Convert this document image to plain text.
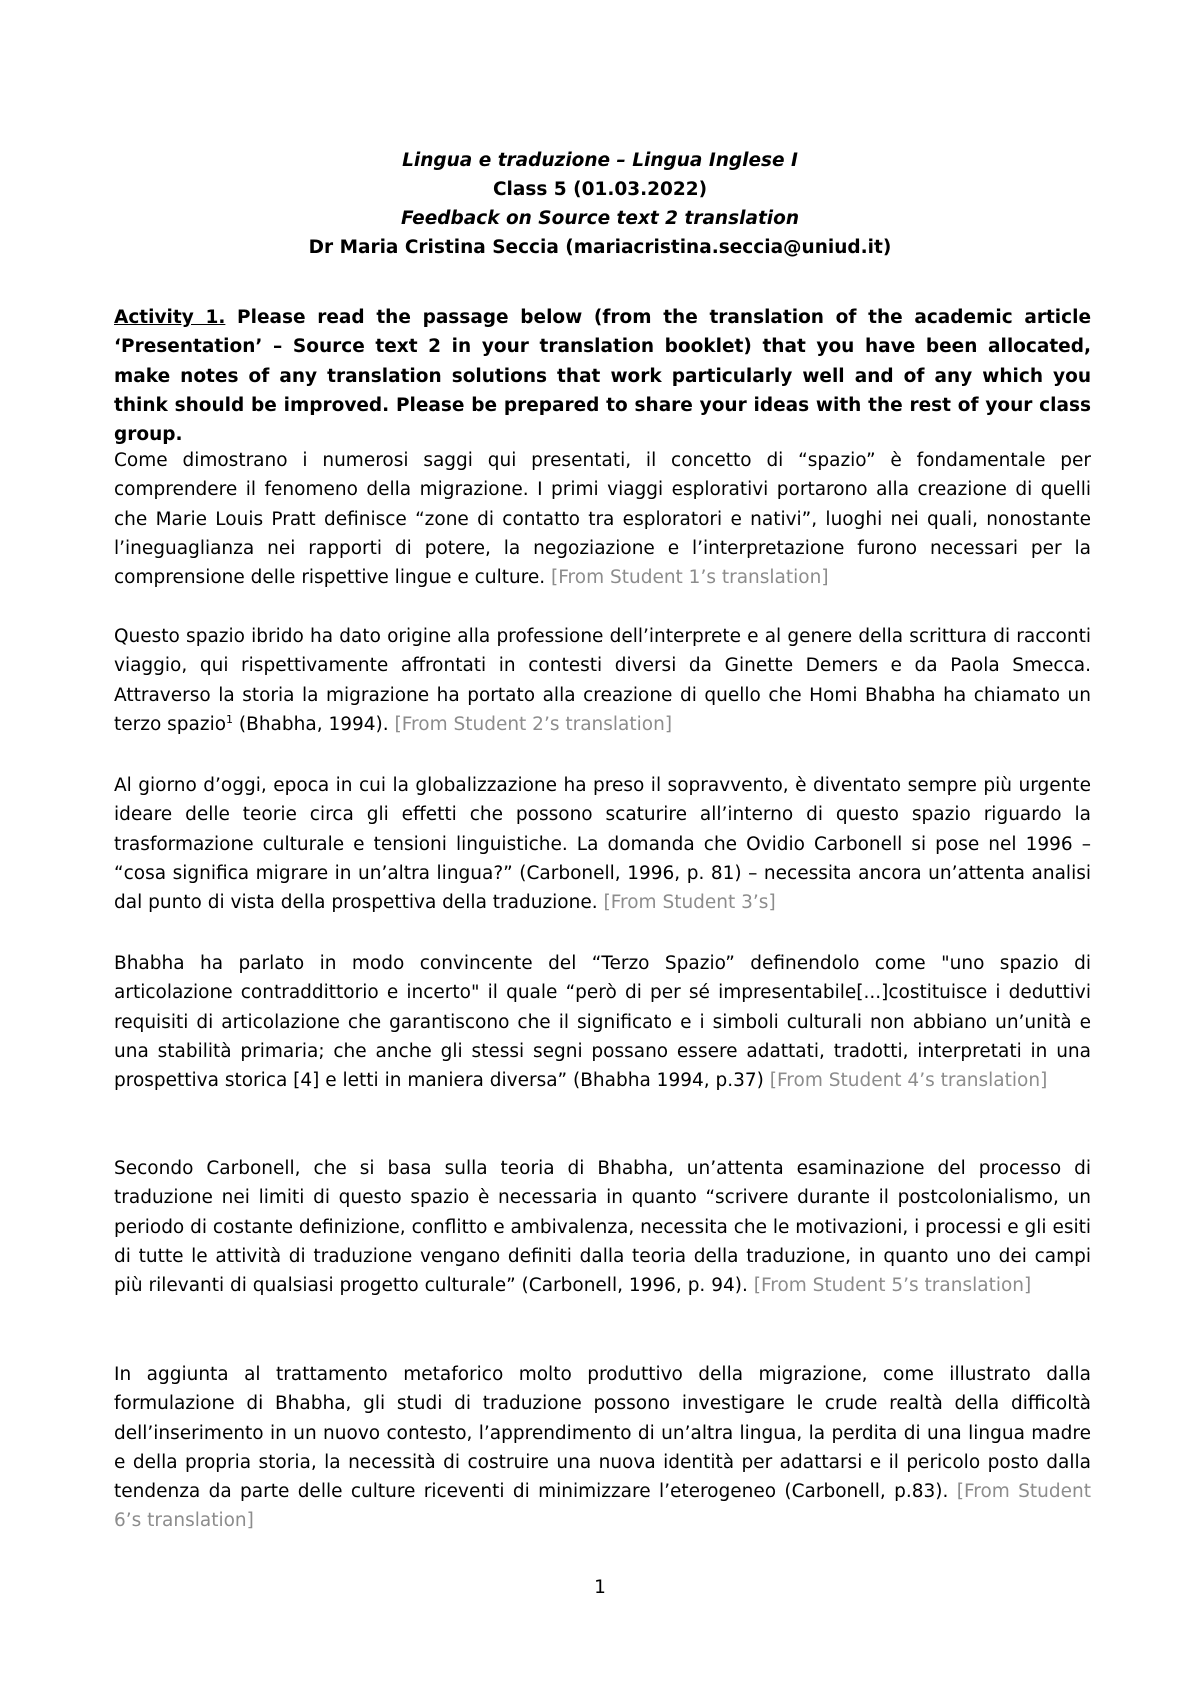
Lingua e traduzione – Lingua Inglese I
Class 5 (01.03.2022)
Feedback on Source text 2 translation
Dr Maria Cristina Seccia (mariacristina.seccia@uniud.it)
Activity 1. Please read the passage below (from the translation of the academic article ‘Presentation’ – Source text 2 in your translation booklet) that you have been allocated, make notes of any translation solutions that work particularly well and of any which you think should be improved. Please be prepared to share your ideas with the rest of your class group.

Come dimostrano i numerosi saggi qui presentati, il concetto di “spazio” è fondamentale per comprendere il fenomeno della migrazione. I primi viaggi esplorativi portarono alla creazione di quelli che Marie Louis Pratt definisce “zone di contatto tra esploratori e nativi”, luoghi nei quali, nonostante l’ineguaglianza nei rapporti di potere, la negoziazione e l’interpretazione furono necessari per la comprensione delle rispettive lingue e culture. [From Student 1’s translation]

Questo spazio ibrido ha dato origine alla professione dell’interprete e al genere della scrittura di racconti viaggio, qui rispettivamente affrontati in contesti diversi da Ginette Demers e da Paola Smecca. Attraverso la storia la migrazione ha portato alla creazione di quello che Homi Bhabha ha chiamato un terzo spazio$^1$ (Bhabha, 1994). [From Student 2’s translation]

Al giorno d’oggi, epoca in cui la globalizzazione ha preso il sopravvento, è diventato sempre più urgente ideare delle teorie circa gli effetti che possono scaturire all’interno di questo spazio riguardo la trasformazione culturale e tensioni linguistiche. La domanda che Ovidio Carbonell si pose nel 1996 – “cosa significa migrare in un’altra lingua?” (Carbonell, 1996, p. 81) – necessita ancora un’attenta analisi dal punto di vista della prospettiva della traduzione. [From Student 3’s]

Bhabha ha parlato in modo convincente del “Terzo Spazio” definendolo come "uno spazio di articolazione contraddittorio e incerto" il quale “però di per sé impresentabile[...]costituisce i deduttivi requisiti di articolazione che garantiscono che il significato e i simboli culturali non abbiano un’unità e una stabilità primaria; che anche gli stessi segni possano essere adattati, tradotti, interpretati in una prospettiva storica [4] e letti in maniera diversa” (Bhabha 1994, p.37) [From Student 4’s translation]

Secondo Carbonell, che si basa sulla teoria di Bhabha, un’attenta esaminazione del processo di traduzione nei limiti di questo spazio è necessaria in quanto “scrivere durante il postcolonialismo, un periodo di costante definizione, conflitto e ambivalenza, necessita che le motivazioni, i processi e gli esiti di tutte le attività di traduzione vengano definiti dalla teoria della traduzione, in quanto uno dei campi più rilevanti di qualsiasi progetto culturale” (Carbonell, 1996, p. 94). [From Student 5’s translation]

In aggiunta al trattamento metaforico molto produttivo della migrazione, come illustrato dalla formulazione di Bhabha, gli studi di traduzione possono investigare le crude realtà della difficoltà dell’inserimento in un nuovo contesto, l’apprendimento di un’altra lingua, la perdita di una lingua madre e della propria storia, la necessità di costruire una nuova identità per adattarsi e il pericolo posto dalla tendenza da parte delle culture riceventi di minimizzare l’eterogeneo (Carbonell, p.83). [From Student 6’s translation]

1
